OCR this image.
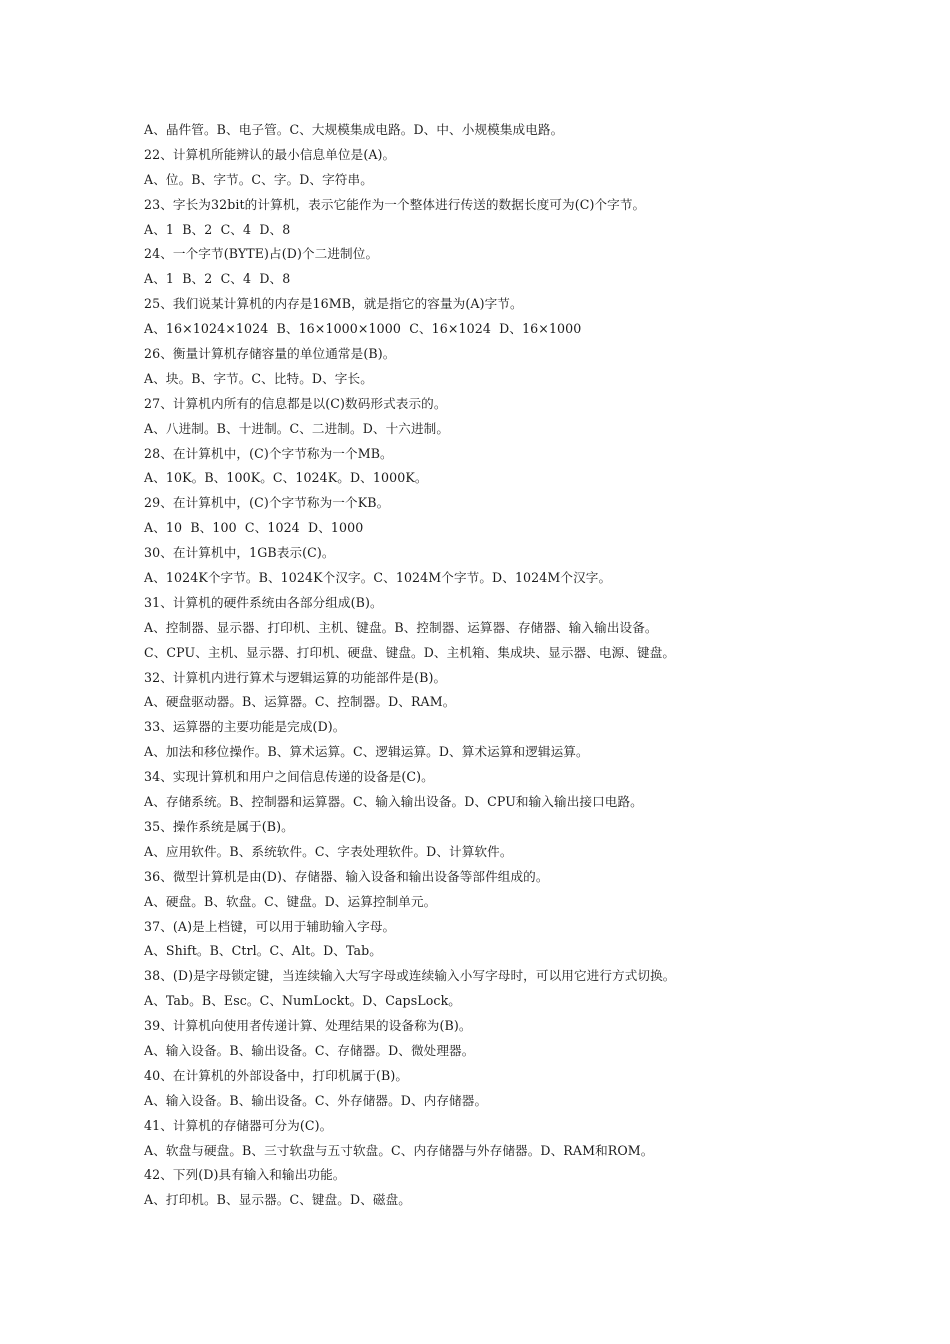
A、晶件管。B、电子管。C、大规模集成电路。D、中、小规模集成电路。
22、计算机所能辨认的最小信息单位是(A)。
A、位。B、字节。C、字。D、字符串。
23、字长为32bit的计算机，表示它能作为一个整体进行传送的数据长度可为(C)个字节。
A、1  B、2  C、4  D、8
24、一个字节(BYTE)占(D)个二进制位。
A、1  B、2  C、4  D、8
25、我们说某计算机的内存是16MB，就是指它的容量为(A)字节。
A、16×1024×1024  B、16×1000×1000  C、16×1024  D、16×1000
26、衡量计算机存储容量的单位通常是(B)。
A、块。B、字节。C、比特。D、字长。
27、计算机内所有的信息都是以(C)数码形式表示的。
A、八进制。B、十进制。C、二进制。D、十六进制。
28、在计算机中，(C)个字节称为一个MB。
A、10K。B、100K。C、1024K。D、1000K。
29、在计算机中，(C)个字节称为一个KB。
A、10  B、100  C、1024  D、1000
30、在计算机中，1GB表示(C)。
A、1024K个字节。B、1024K个汉字。C、1024M个字节。D、1024M个汉字。
31、计算机的硬件系统由各部分组成(B)。
A、控制器、显示器、打印机、主机、键盘。B、控制器、运算器、存储器、输入输出设备。
C、CPU、主机、显示器、打印机、硬盘、键盘。D、主机箱、集成块、显示器、电源、键盘。
32、计算机内进行算术与逻辑运算的功能部件是(B)。
A、硬盘驱动器。B、运算器。C、控制器。D、RAM。
33、运算器的主要功能是完成(D)。
A、加法和移位操作。B、算术运算。C、逻辑运算。D、算术运算和逻辑运算。
34、实现计算机和用户之间信息传递的设备是(C)。
A、存储系统。B、控制器和运算器。C、输入输出设备。D、CPU和输入输出接口电路。
35、操作系统是属于(B)。
A、应用软件。B、系统软件。C、字表处理软件。D、计算软件。
36、微型计算机是由(D)、存储器、输入设备和输出设备等部件组成的。
A、硬盘。B、软盘。C、键盘。D、运算控制单元。
37、(A)是上档键，可以用于辅助输入字母。
A、Shift。B、Ctrl。C、Alt。D、Tab。
38、(D)是字母锁定键，当连续输入大写字母或连续输入小写字母时，可以用它进行方式切换。
A、Tab。B、Esc。C、NumLockt。D、CapsLock。
39、计算机向使用者传递计算、处理结果的设备称为(B)。
A、输入设备。B、输出设备。C、存储器。D、微处理器。
40、在计算机的外部设备中，打印机属于(B)。
A、输入设备。B、输出设备。C、外存储器。D、内存储器。
41、计算机的存储器可分为(C)。
A、软盘与硬盘。B、三寸软盘与五寸软盘。C、内存储器与外存储器。D、RAM和ROM。
42、下列(D)具有输入和输出功能。
A、打印机。B、显示器。C、键盘。D、磁盘。
